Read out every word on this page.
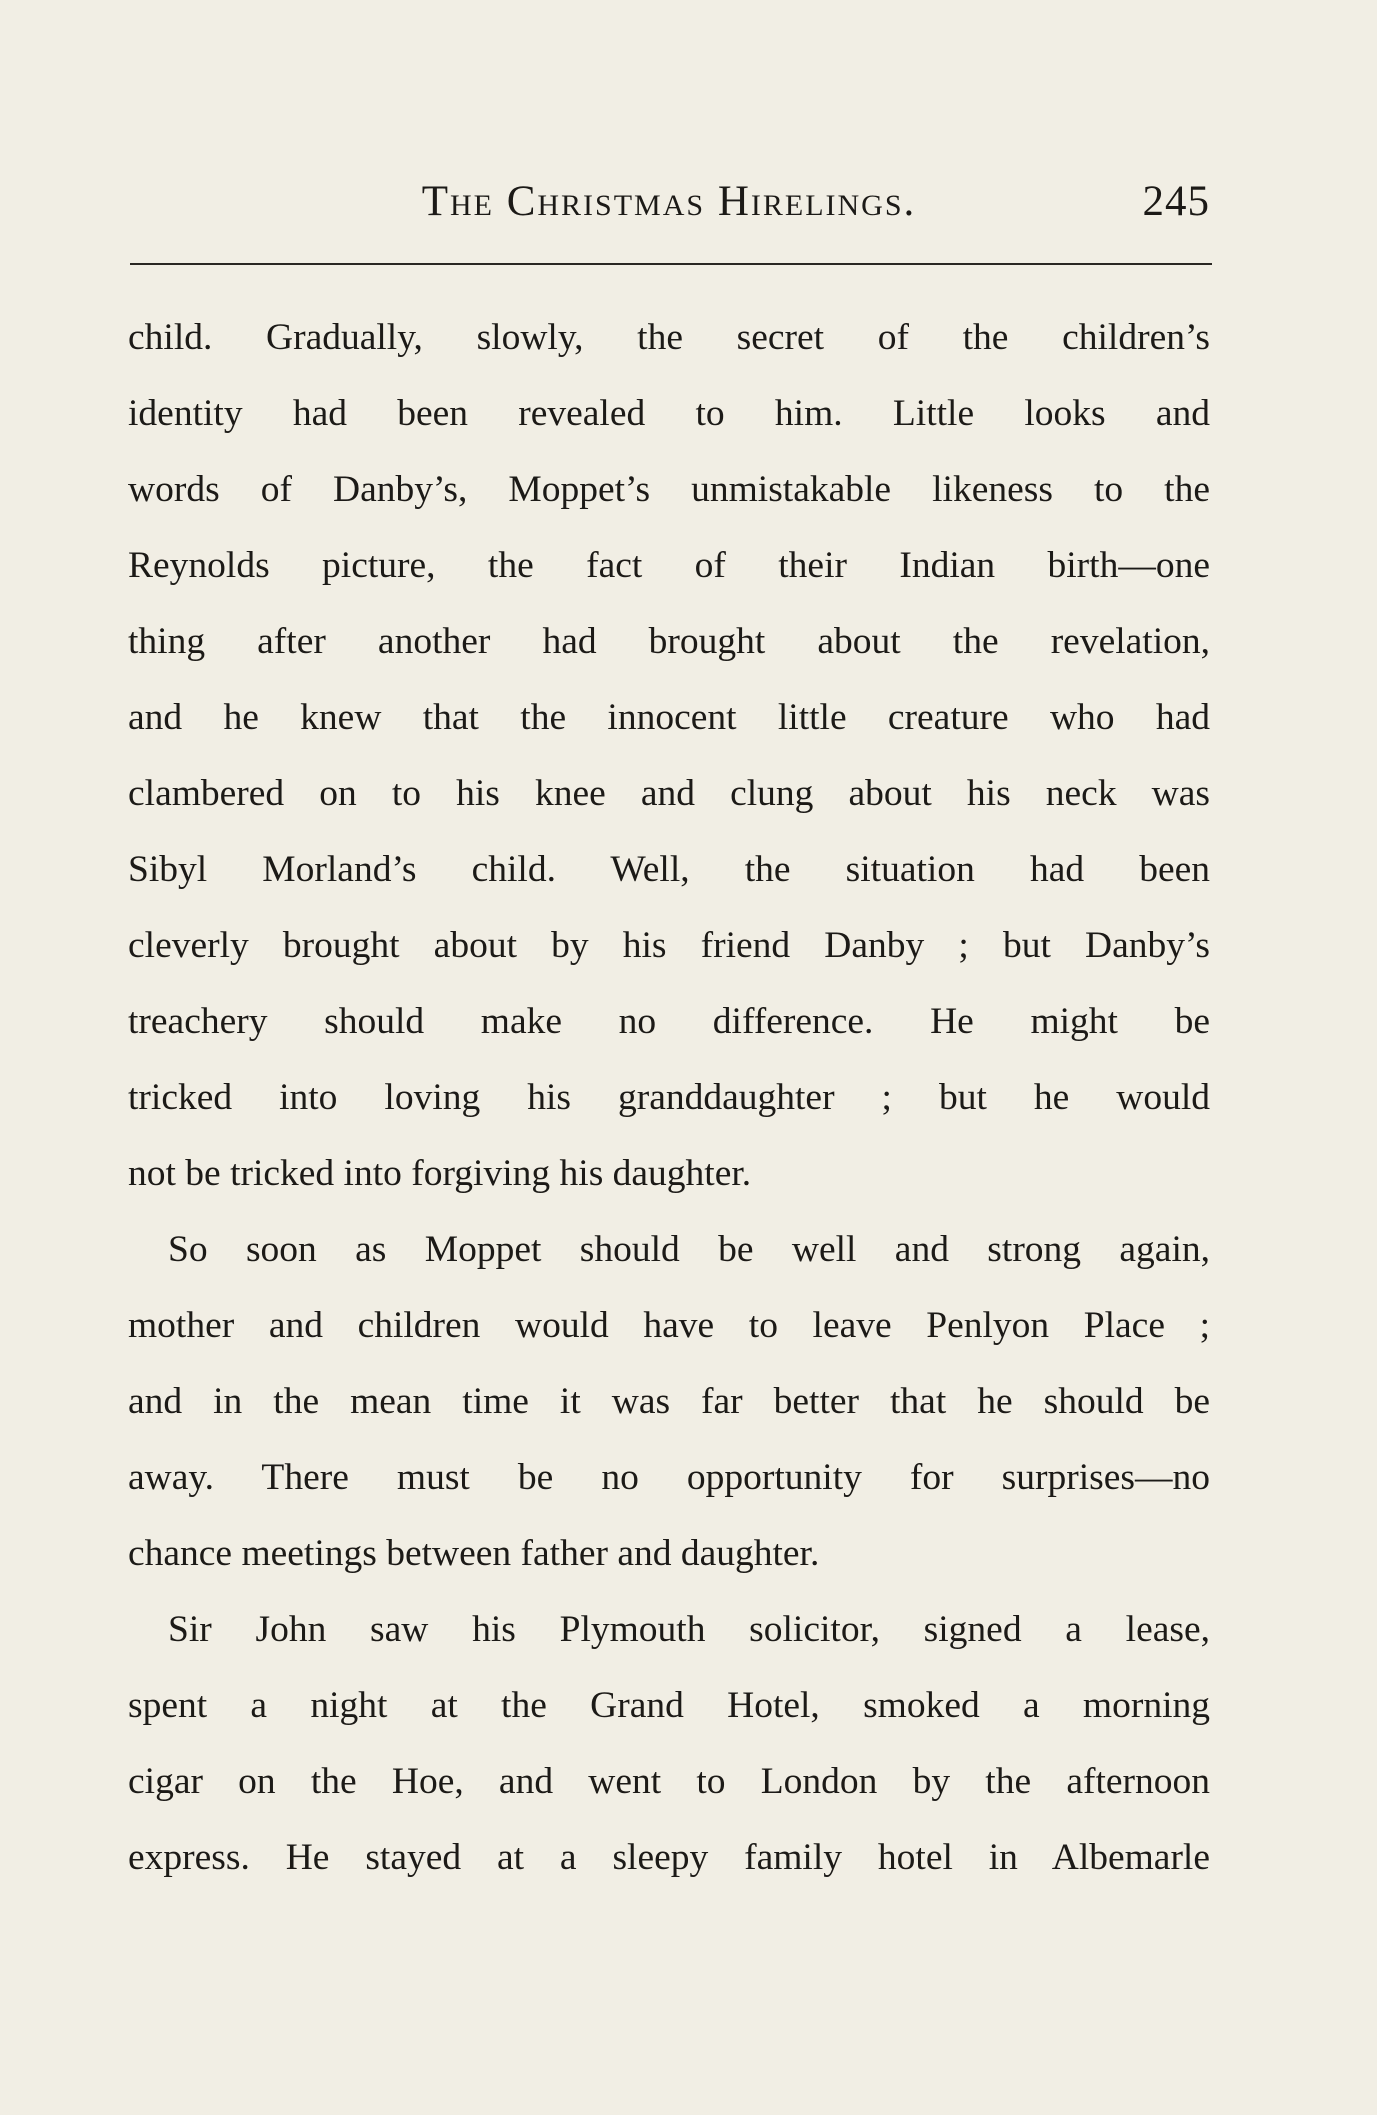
The Christmas Hirelings.	245
child. Gradually, slowly, the secret of the children’s
identity had been revealed to him. Little looks and
words of Danby’s, Moppet’s unmistakable likeness to the
Reynolds picture, the fact of their Indian birth—one
thing after another had brought about the revelation,
and he knew that the innocent little creature who had
clambered on to his knee and clung about his neck was
Sibyl Morland’s child. Well, the situation had been
cleverly brought about by his friend Danby ; but Danby’s
treachery should make no difference. He might be
tricked into loving his granddaughter ; but he would
not be tricked into forgiving his daughter.
So soon as Moppet should be well and strong again,
mother and children would have to leave Penlyon Place ;
and in the mean time it was far better that he should be
away. There must be no opportunity for surprises—no
chance meetings between father and daughter.
Sir John saw his Plymouth solicitor, signed a lease,
spent a night at the Grand Hotel, smoked a morning
cigar on the Hoe, and went to London by the afternoon
express. He stayed at a sleepy family hotel in Albemarle
